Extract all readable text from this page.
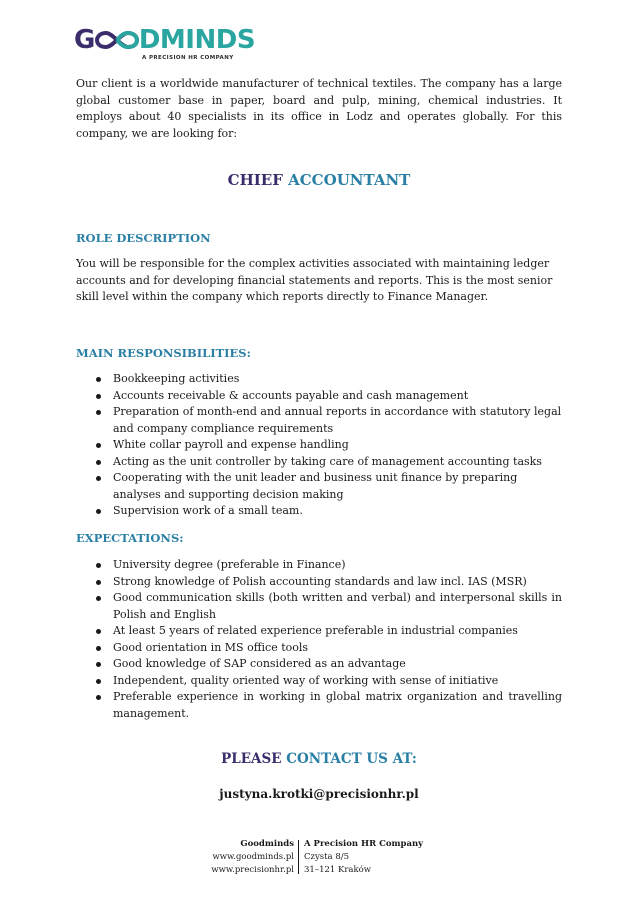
G DMINDS
A PRECISION HR COMPANY

Our client is a worldwide manufacturer of technical textiles. The company has a large global customer base in paper, board and pulp, mining, chemical industries. It employs about 40 specialists in its office in Lodz and operates globally. For this company, we are looking for:

CHIEF ACCOUNTANT
ROLE DESCRIPTION

You will be responsible for the complex activities associated with maintaining ledger accounts and for developing financial statements and reports. This is the most senior skill level within the company which reports directly to Finance Manager.

MAIN RESPONSIBILITIES:
Bookkeeping activities
Accounts receivable & accounts payable and cash management
Preparation of month-end and annual reports in accordance with statutory legal and company compliance requirements
White collar payroll and expense handling
Acting as the unit controller by taking care of management accounting tasks
Cooperating with the unit leader and business unit finance by preparing analyses and supporting decision making
Supervision work of a small team.
EXPECTATIONS:
University degree (preferable in Finance)
Strong knowledge of Polish accounting standards and law incl. IAS (MSR)
Good communication skills (both written and verbal) and interpersonal skills in Polish and English
At least 5 years of related experience preferable in industrial companies
Good orientation in MS office tools
Good knowledge of SAP considered as an advantage
Independent, quality oriented way of working with sense of initiative
Preferable experience in working in global matrix organization and travelling management.
PLEASE CONTACT US AT:
justyna.krotki@precisionhr.pl
Goodminds
www.goodminds.pl
www.precisionhr.pl
A Precision HR Company
Czysta 8/5
31–121 Kraków
